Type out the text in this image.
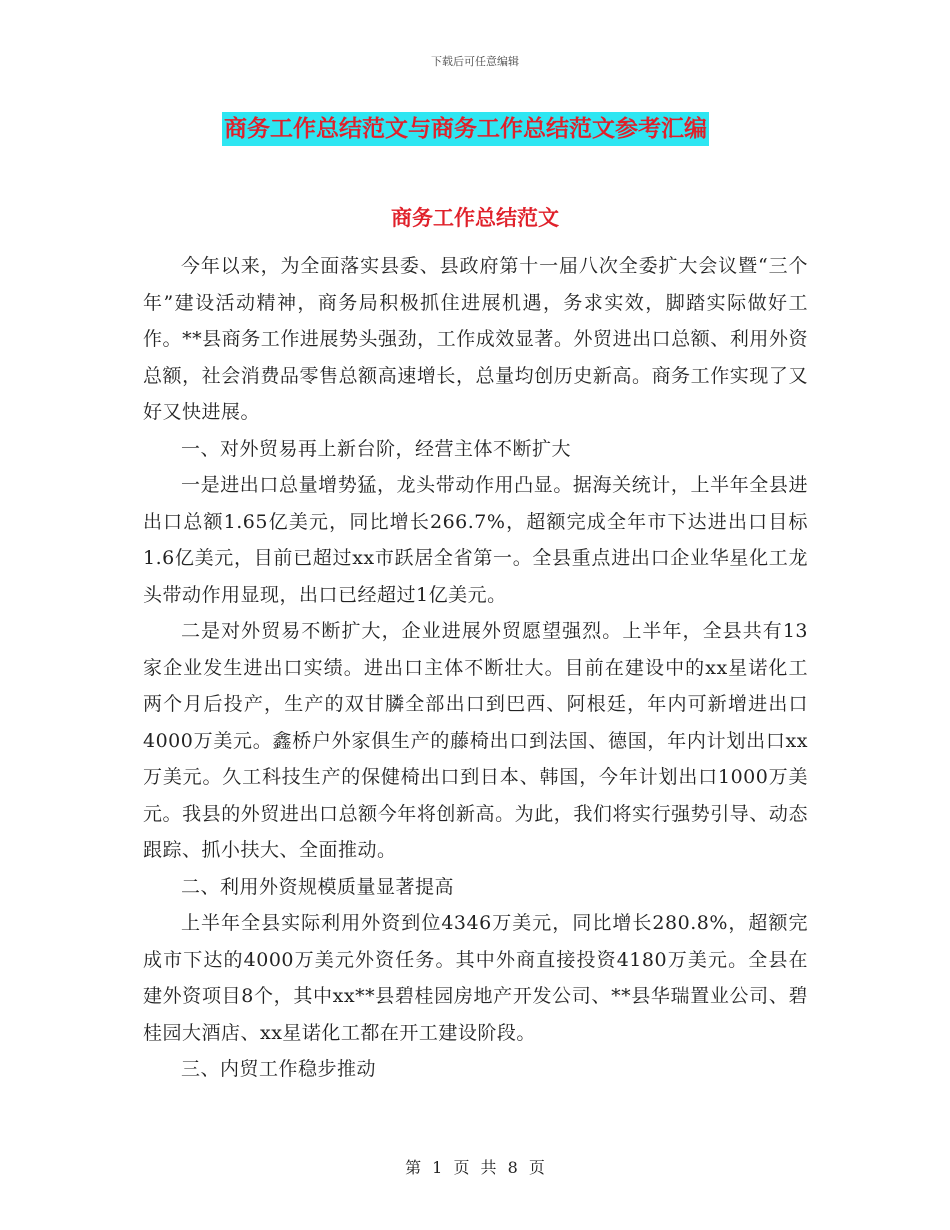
下载后可任意编辑
商务工作总结范文与商务工作总结范文参考汇编
商务工作总结范文

今年以来，为全面落实县委、县政府第十一届八次全委扩大会议暨“三个年”建设活动精神，商务局积极抓住进展机遇，务求实效，脚踏实际做好工作。**县商务工作进展势头强劲，工作成效显著。外贸进出口总额、利用外资总额，社会消费品零售总额高速增长，总量均创历史新高。商务工作实现了又好又快进展。

一、对外贸易再上新台阶，经营主体不断扩大

一是进出口总量增势猛，龙头带动作用凸显。据海关统计，上半年全县进出口总额1.65亿美元，同比增长266.7%，超额完成全年市下达进出口目标1.6亿美元，目前已超过xx市跃居全省第一。全县重点进出口企业华星化工龙头带动作用显现，出口已经超过1亿美元。

二是对外贸易不断扩大，企业进展外贸愿望强烈。上半年，全县共有13家企业发生进出口实绩。进出口主体不断壮大。目前在建设中的xx星诺化工两个月后投产，生产的双甘膦全部出口到巴西、阿根廷，年内可新增进出口4000万美元。鑫桥户外家俱生产的藤椅出口到法国、德国，年内计划出口xx万美元。久工科技生产的保健椅出口到日本、韩国，今年计划出口1000万美元。我县的外贸进出口总额今年将创新高。为此，我们将实行强势引导、动态跟踪、抓小扶大、全面推动。

二、利用外资规模质量显著提高

上半年全县实际利用外资到位4346万美元，同比增长280.8%，超额完成市下达的4000万美元外资任务。其中外商直接投资4180万美元。全县在建外资项目8个，其中xx**县碧桂园房地产开发公司、**县华瑞置业公司、碧桂园大酒店、xx星诺化工都在开工建设阶段。

三、内贸工作稳步推动

第 1 页 共 8 页
